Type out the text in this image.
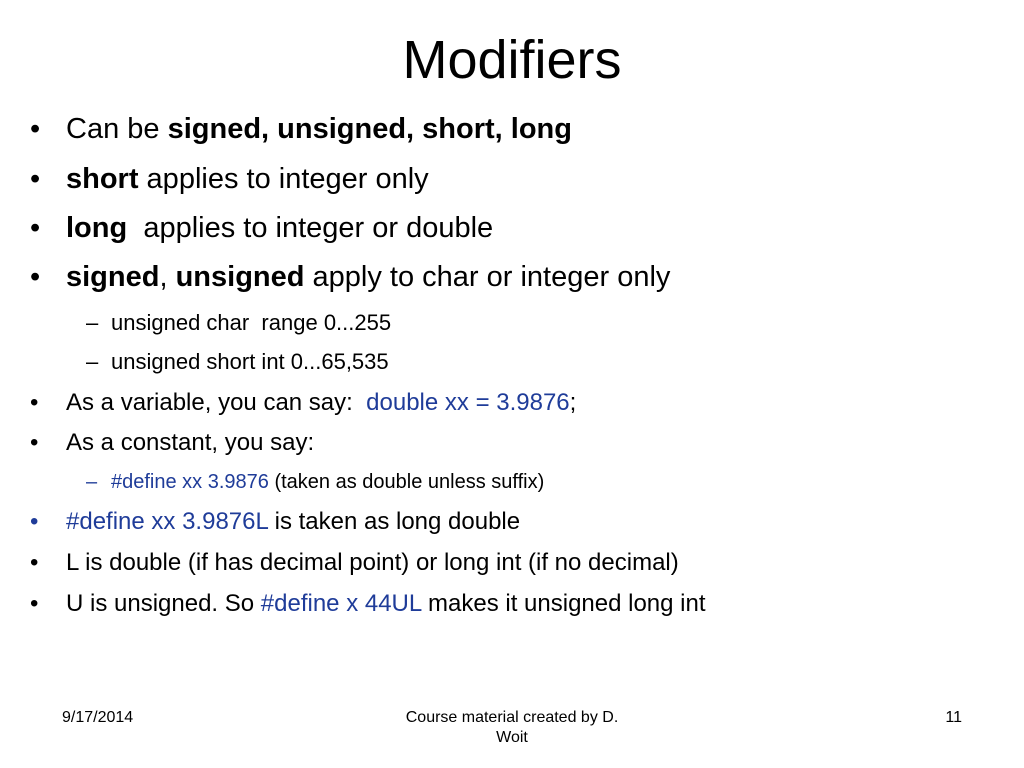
Modifiers
• Can be signed, unsigned, short, long
• short applies to integer only
• long  applies to integer or double
• signed, unsigned apply to char or integer only
– unsigned char  range 0...255
– unsigned short int 0...65,535
• As a variable, you can say:  double xx = 3.9876;
• As a constant, you say:
– #define xx 3.9876 (taken as double unless suffix)
• #define xx 3.9876L is taken as long double
• L is double (if has decimal point) or long int (if no decimal)
• U is unsigned. So #define x 44UL makes it unsigned long int
9/17/2014	Course material created by D.
Woit
11
